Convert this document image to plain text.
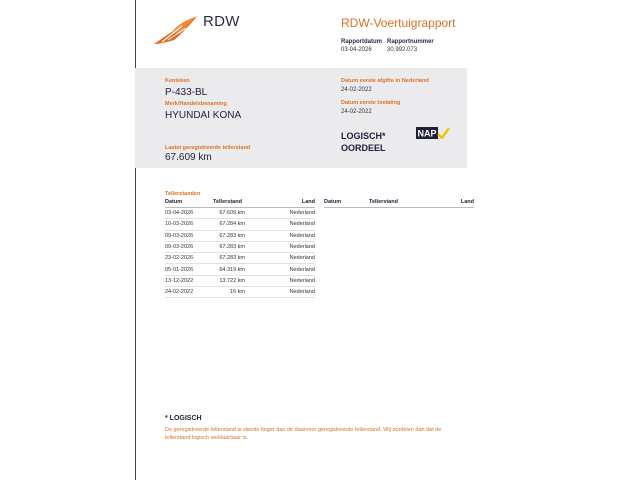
RDW	RDW-Voertuigrapport
Rapportdatum
03-04-2026
Rapportnummer
30.992.073
Kenteken
P-433-BL
Merk/Handelsbenaming
HYUNDAI KONA
Laatst geregistreerde tellerstand
67.609 km
Datum eerste afgifte in Nederland
24-02-2022
Datum eerste toelating
24-02-2022
LOGISCH*
OORDEEL
NAP
Tellerstanden
Datum	Tellerstand	Land
03-04-2026	67.609 km	Nederland
10-03-2026	67.284 km	Nederland
09-03-2026	67.283 km	Nederland
09-03-2026	67.283 km	Nederland
23-02-2026	67.283 km	Nederland
05-01-2026	64.319 km	Nederland
13-12-2022	13.722 km	Nederland
24-02-2022	16 km	Nederland
Datum	Tellerstand	Land
* LOGISCH
De geregistreerde tellerstand is steeds hoger dan de daarvoor geregistreerde tellerstand. Wij oordelen dan dat de tellerstand logisch verklaarbaar is.
